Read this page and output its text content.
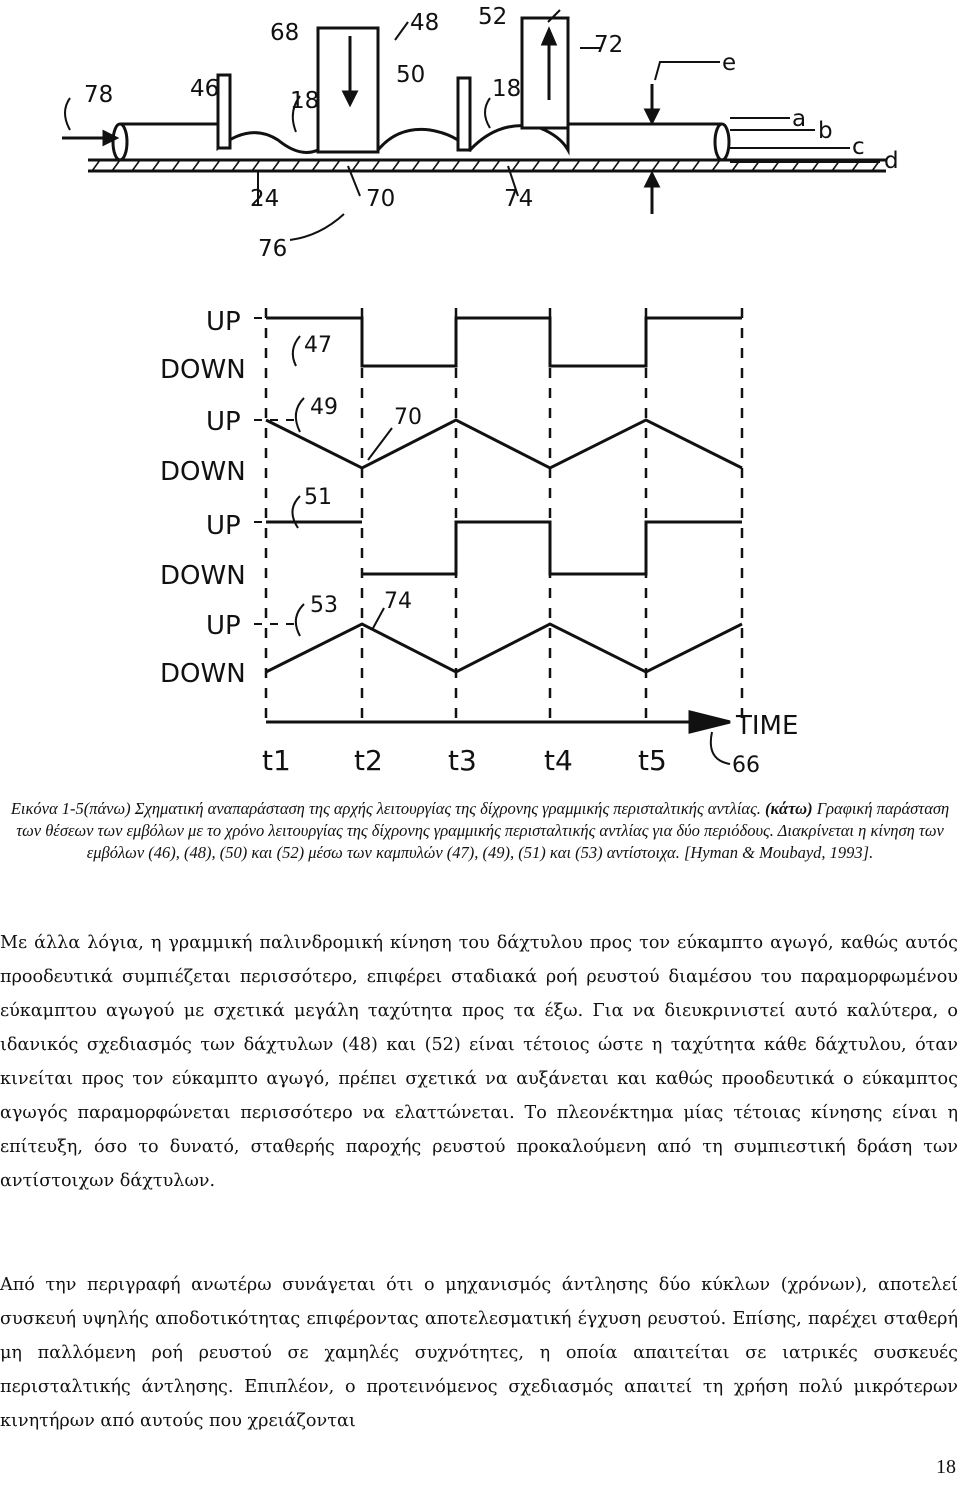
78	46
68
18
48
50
52
18
72
e
a b
c
d
24	70	74
76
UP
DOWN
UP
DOWN
UP
DOWN
UP
DOWN
47
49	70
51
53 74
TIME
66
t1 t2 t3 t4 t5
Εικόνα 1-5(πάνω) Σχηματική αναπαράσταση της αρχής λειτουργίας της δίχρονης γραμμικής περισταλτικής αντλίας. (κάτω) Γραφική παράσταση των θέσεων των εμβόλων με το χρόνο λειτουργίας της δίχρονης γραμμικής περισταλτικής αντλίας για δύο περιόδους. Διακρίνεται η κίνηση των εμβόλων (46), (48), (50) και (52) μέσω των καμπυλών (47), (49), (51) και (53) αντίστοιχα. [Hyman & Moubayd, 1993].

Με άλλα λόγια, η γραμμική παλινδρομική κίνηση του δάχτυλου προς τον εύκαμπτο αγωγό, καθώς αυτός προοδευτικά συμπιέζεται περισσότερο, επιφέρει σταδιακά ροή ρευστού διαμέσου του παραμορφωμένου εύκαμπτου αγωγού με σχετικά μεγάλη ταχύτητα προς τα έξω. Για να διευκρινιστεί αυτό καλύτερα, ο ιδανικός σχεδιασμός των δάχτυλων (48) και (52) είναι τέτοιος ώστε η ταχύτητα κάθε δάχτυλου, όταν κινείται προς τον εύκαμπτο αγωγό, πρέπει σχετικά να αυξάνεται και καθώς προοδευτικά ο εύκαμπτος αγωγός παραμορφώνεται περισσότερο να ελαττώνεται. Το πλεονέκτημα μίας τέτοιας κίνησης είναι η επίτευξη, όσο το δυνατό, σταθερής παροχής ρευστού προκαλούμενη από τη συμπιεστική δράση των αντίστοιχων δάχτυλων.

Από την περιγραφή ανωτέρω συνάγεται ότι ο μηχανισμός άντλησης δύο κύκλων (χρόνων), αποτελεί συσκευή υψηλής αποδοτικότητας επιφέροντας αποτελεσματική έγχυση ρευστού. Επίσης, παρέχει σταθερή μη παλλόμενη ροή ρευστού σε χαμηλές συχνότητες, η οποία απαιτείται σε ιατρικές συσκευές περισταλτικής άντλησης. Επιπλέον, ο προτεινόμενος σχεδιασμός απαιτεί τη χρήση πολύ μικρότερων κινητήρων από αυτούς που χρειάζονται

18
